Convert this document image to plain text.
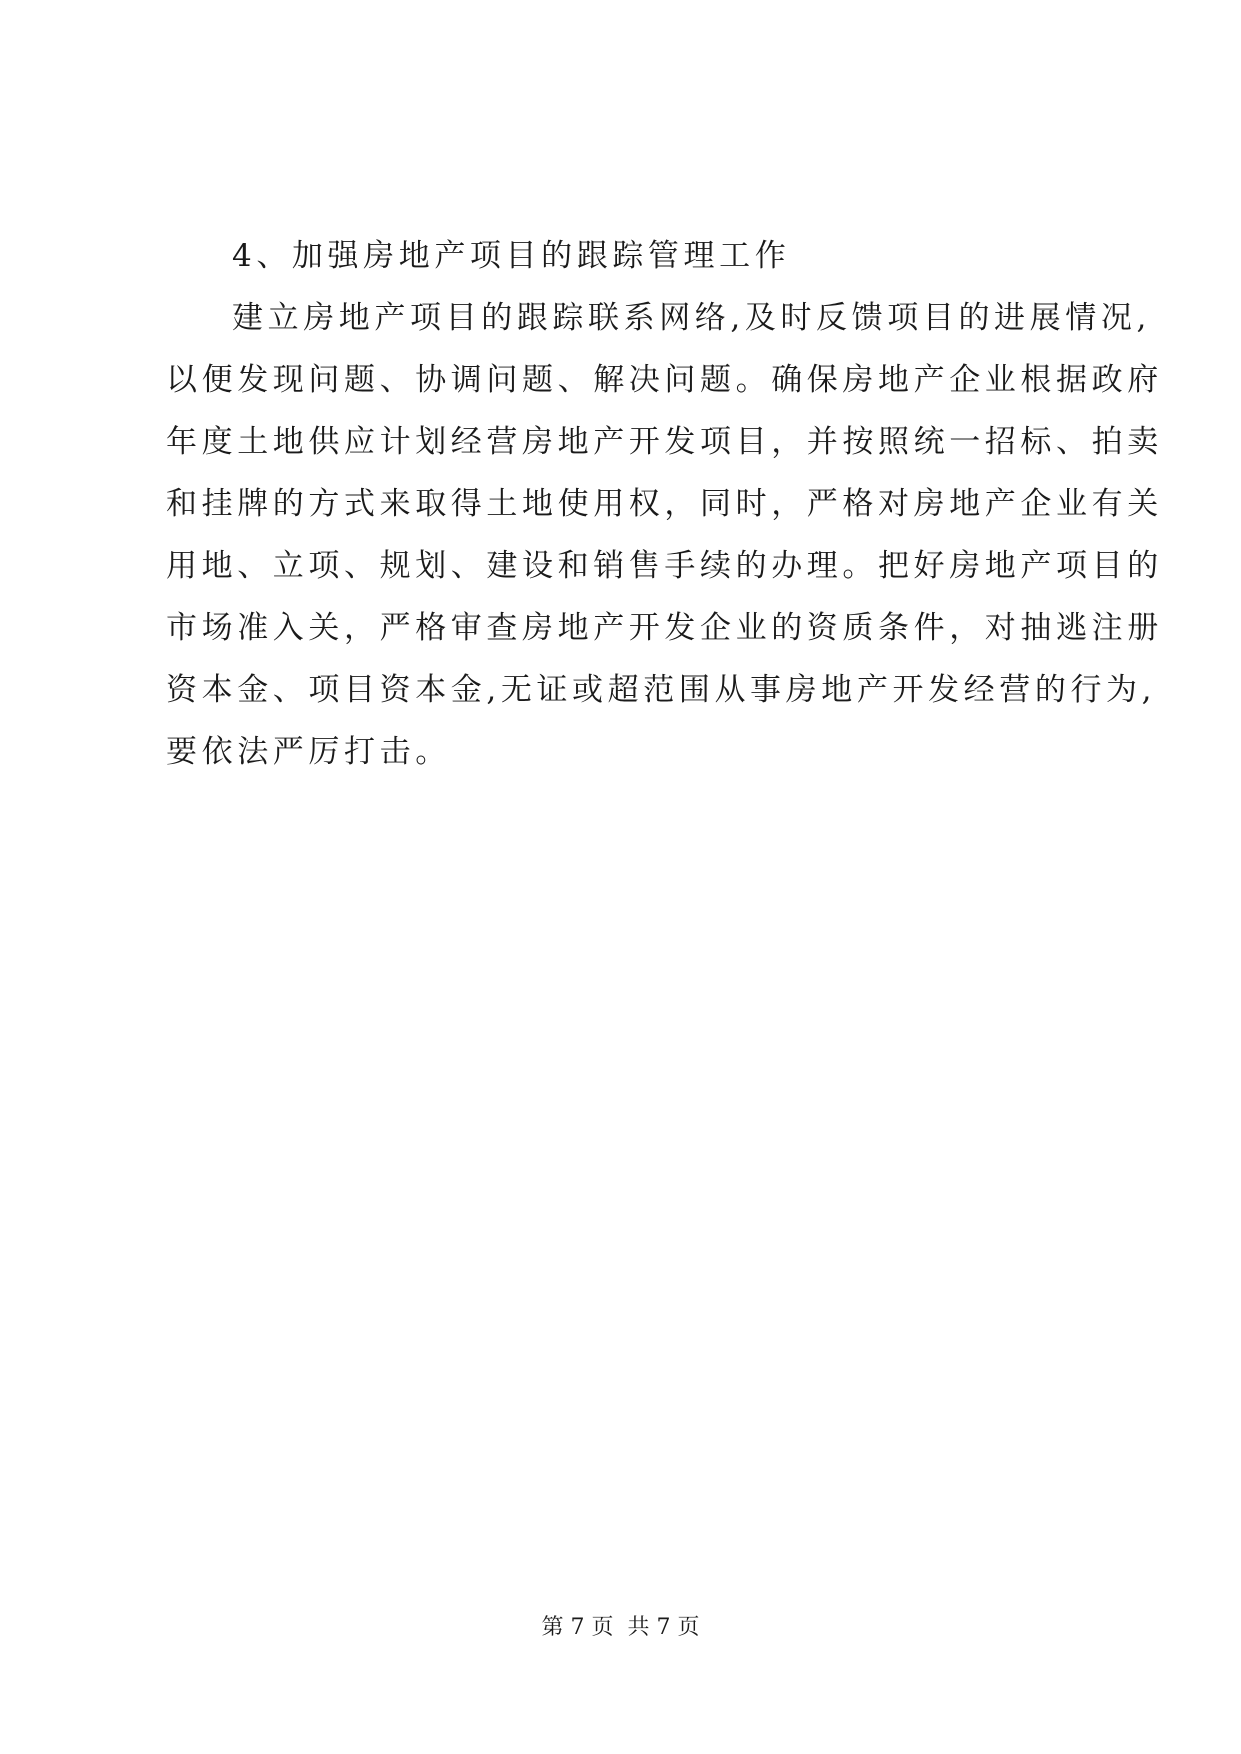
4、加强房地产项目的跟踪管理工作
建立房地产项目的跟踪联系网络,及时反馈项目的进展情况,
以便发现问题、协调问题、解决问题。确保房地产企业根据政府
年度土地供应计划经营房地产开发项目，并按照统一招标、拍卖
和挂牌的方式来取得土地使用权，同时，严格对房地产企业有关
用地、立项、规划、建设和销售手续的办理。把好房地产项目的
市场准入关，严格审查房地产开发企业的资质条件，对抽逃注册
资本金、项目资本金,无证或超范围从事房地产开发经营的行为,
要依法严厉打击。
第 7 页  共 7 页
